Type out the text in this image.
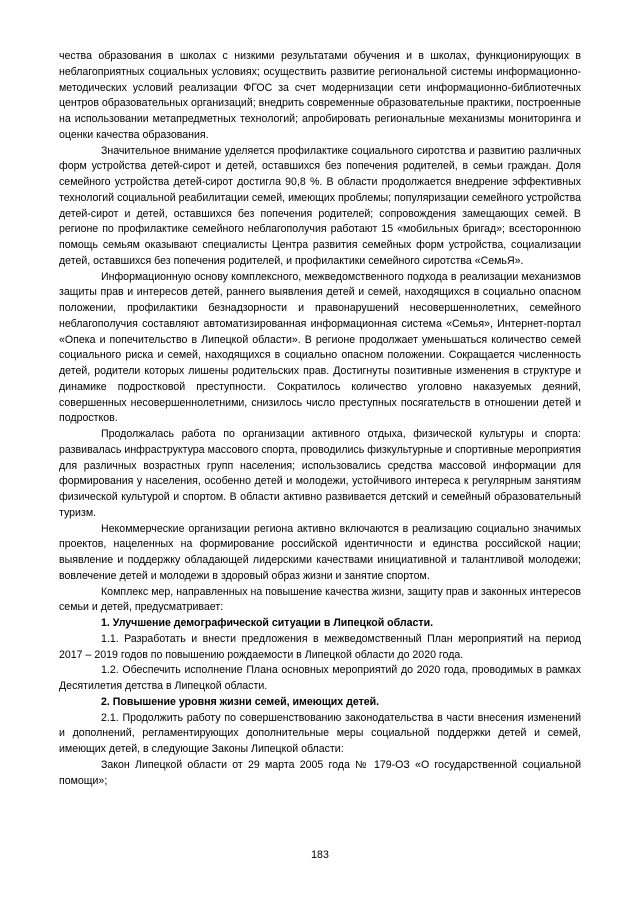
чества образования в школах с низкими результатами обучения и в школах, функционирующих в неблагоприятных социальных условиях; осуществить развитие региональной системы информационно-методических условий реализации ФГОС за счет модернизации сети информационно-библиотечных центров образовательных организаций; внедрить современные образовательные практики, построенные на использовании метапредметных технологий; апробировать региональные механизмы мониторинга и оценки качества образования.

Значительное внимание уделяется профилактике социального сиротства и развитию различных форм устройства детей-сирот и детей, оставшихся без попечения родителей, в семьи граждан. Доля семейного устройства детей-сирот достигла 90,8 %. В области продолжается внедрение эффективных технологий социальной реабилитации семей, имеющих проблемы; популяризации семейного устройства детей-сирот и детей, оставшихся без попечения родителей; сопровождения замещающих семей. В регионе по профилактике семейного неблагополучия работают 15 «мобильных бригад»; всестороннюю помощь семьям оказывают специалисты Центра развития семейных форм устройства, социализации детей, оставшихся без попечения родителей, и профилактики семейного сиротства «СемьЯ».

Информационную основу комплексного, межведомственного подхода в реализации механизмов защиты прав и интересов детей, раннего выявления детей и семей, находящихся в социально опасном положении, профилактики безнадзорности и правонарушений несовершеннолетних, семейного неблагополучия составляют автоматизированная информационная система «Семья», Интернет-портал «Опека и попечительство в Липецкой области». В регионе продолжает уменьшаться количество семей социального риска и семей, находящихся в социально опасном положении. Сокращается численность детей, родители которых лишены родительских прав. Достигнуты позитивные изменения в структуре и динамике подростковой преступности. Сократилось количество уголовно наказуемых деяний, совершенных несовершеннолетними, снизилось число преступных посягательств в отношении детей и подростков.

Продолжалась работа по организации активного отдыха, физической культуры и спорта: развивалась инфраструктура массового спорта, проводились физкультурные и спортивные мероприятия для различных возрастных групп населения; использовались средства массовой информации для формирования у населения, особенно детей и молодежи, устойчивого интереса к регулярным занятиям физической культурой и спортом. В области активно развивается детский и семейный образовательный туризм.

Некоммерческие организации региона активно включаются в реализацию социально значимых проектов, нацеленных на формирование российской идентичности и единства российской нации; выявление и поддержку обладающей лидерскими качествами инициативной и талантливой молодежи; вовлечение детей и молодежи в здоровый образ жизни и занятие спортом.

Комплекс мер, направленных на повышение качества жизни, защиту прав и законных интересов семьи и детей, предусматривает:

1. Улучшение демографической ситуации в Липецкой области.

1.1. Разработать и внести предложения в межведомственный План мероприятий на период 2017 – 2019 годов по повышению рождаемости в Липецкой области до 2020 года.

1.2. Обеспечить исполнение Плана основных мероприятий до 2020 года, проводимых в рамках Десятилетия детства в Липецкой области.

2. Повышение уровня жизни семей, имеющих детей.

2.1. Продолжить работу по совершенствованию законодательства в части внесения изменений и дополнений, регламентирующих дополнительные меры социальной поддержки детей и семей, имеющих детей, в следующие Законы Липецкой области:

Закон Липецкой области от 29 марта 2005 года № 179-ОЗ «О государственной социальной помощи»;

183
